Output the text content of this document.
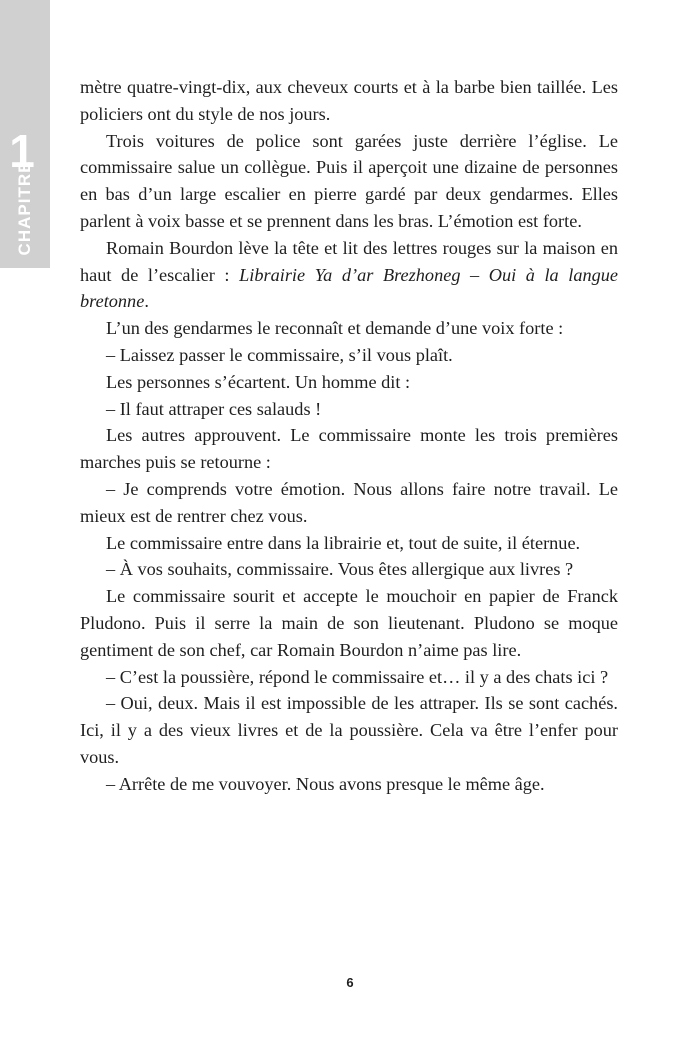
1
CHAPITRE

mètre quatre-vingt-dix, aux cheveux courts et à la barbe bien taillée. Les policiers ont du style de nos jours.

Trois voitures de police sont garées juste derrière l’église. Le commissaire salue un collègue. Puis il aperçoit une dizaine de personnes en bas d’un large escalier en pierre gardé par deux gendarmes. Elles parlent à voix basse et se prennent dans les bras. L’émotion est forte.

Romain Bourdon lève la tête et lit des lettres rouges sur la maison en haut de l’escalier : Librairie Ya d’ar Brezhoneg – Oui à la langue bretonne.

L’un des gendarmes le reconnaît et demande d’une voix forte :

– Laissez passer le commissaire, s’il vous plaît.

Les personnes s’écartent. Un homme dit :

– Il faut attraper ces salauds !

Les autres approuvent. Le commissaire monte les trois premières marches puis se retourne :

– Je comprends votre émotion. Nous allons faire notre travail. Le mieux est de rentrer chez vous.

Le commissaire entre dans la librairie et, tout de suite, il éternue.

– À vos souhaits, commissaire. Vous êtes allergique aux livres ?

Le commissaire sourit et accepte le mouchoir en papier de Franck Pludono. Puis il serre la main de son lieutenant. Pludono se moque gentiment de son chef, car Romain Bourdon n’aime pas lire.

– C’est la poussière, répond le commissaire et… il y a des chats ici ?

– Oui, deux. Mais il est impossible de les attraper. Ils se sont cachés. Ici, il y a des vieux livres et de la poussière. Cela va être l’enfer pour vous.

– Arrête de me vouvoyer. Nous avons presque le même âge.

6
